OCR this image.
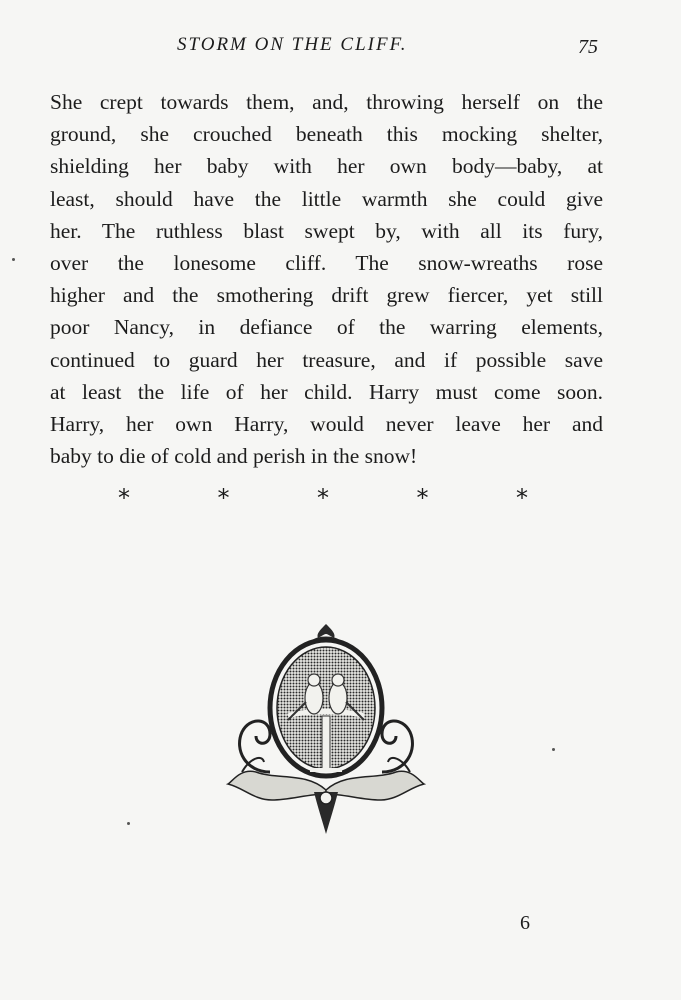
STORM ON THE CLIFF.	75
She crept towards them, and, throwing herself on the
ground, she crouched beneath this mocking shelter,
shielding her baby with her own body—baby, at
least, should have the little warmth she could give
her. The ruthless blast swept by, with all its fury,
over the lonesome cliff. The snow-wreaths rose
higher and the smothering drift grew fiercer, yet still
poor Nancy, in defiance of the warring elements,
continued to guard her treasure, and if possible save
at least the life of her child. Harry must come soon.
Harry, her own Harry, would never leave her and
baby to die of cold and perish in the snow!
*	*	*	*	*
6
